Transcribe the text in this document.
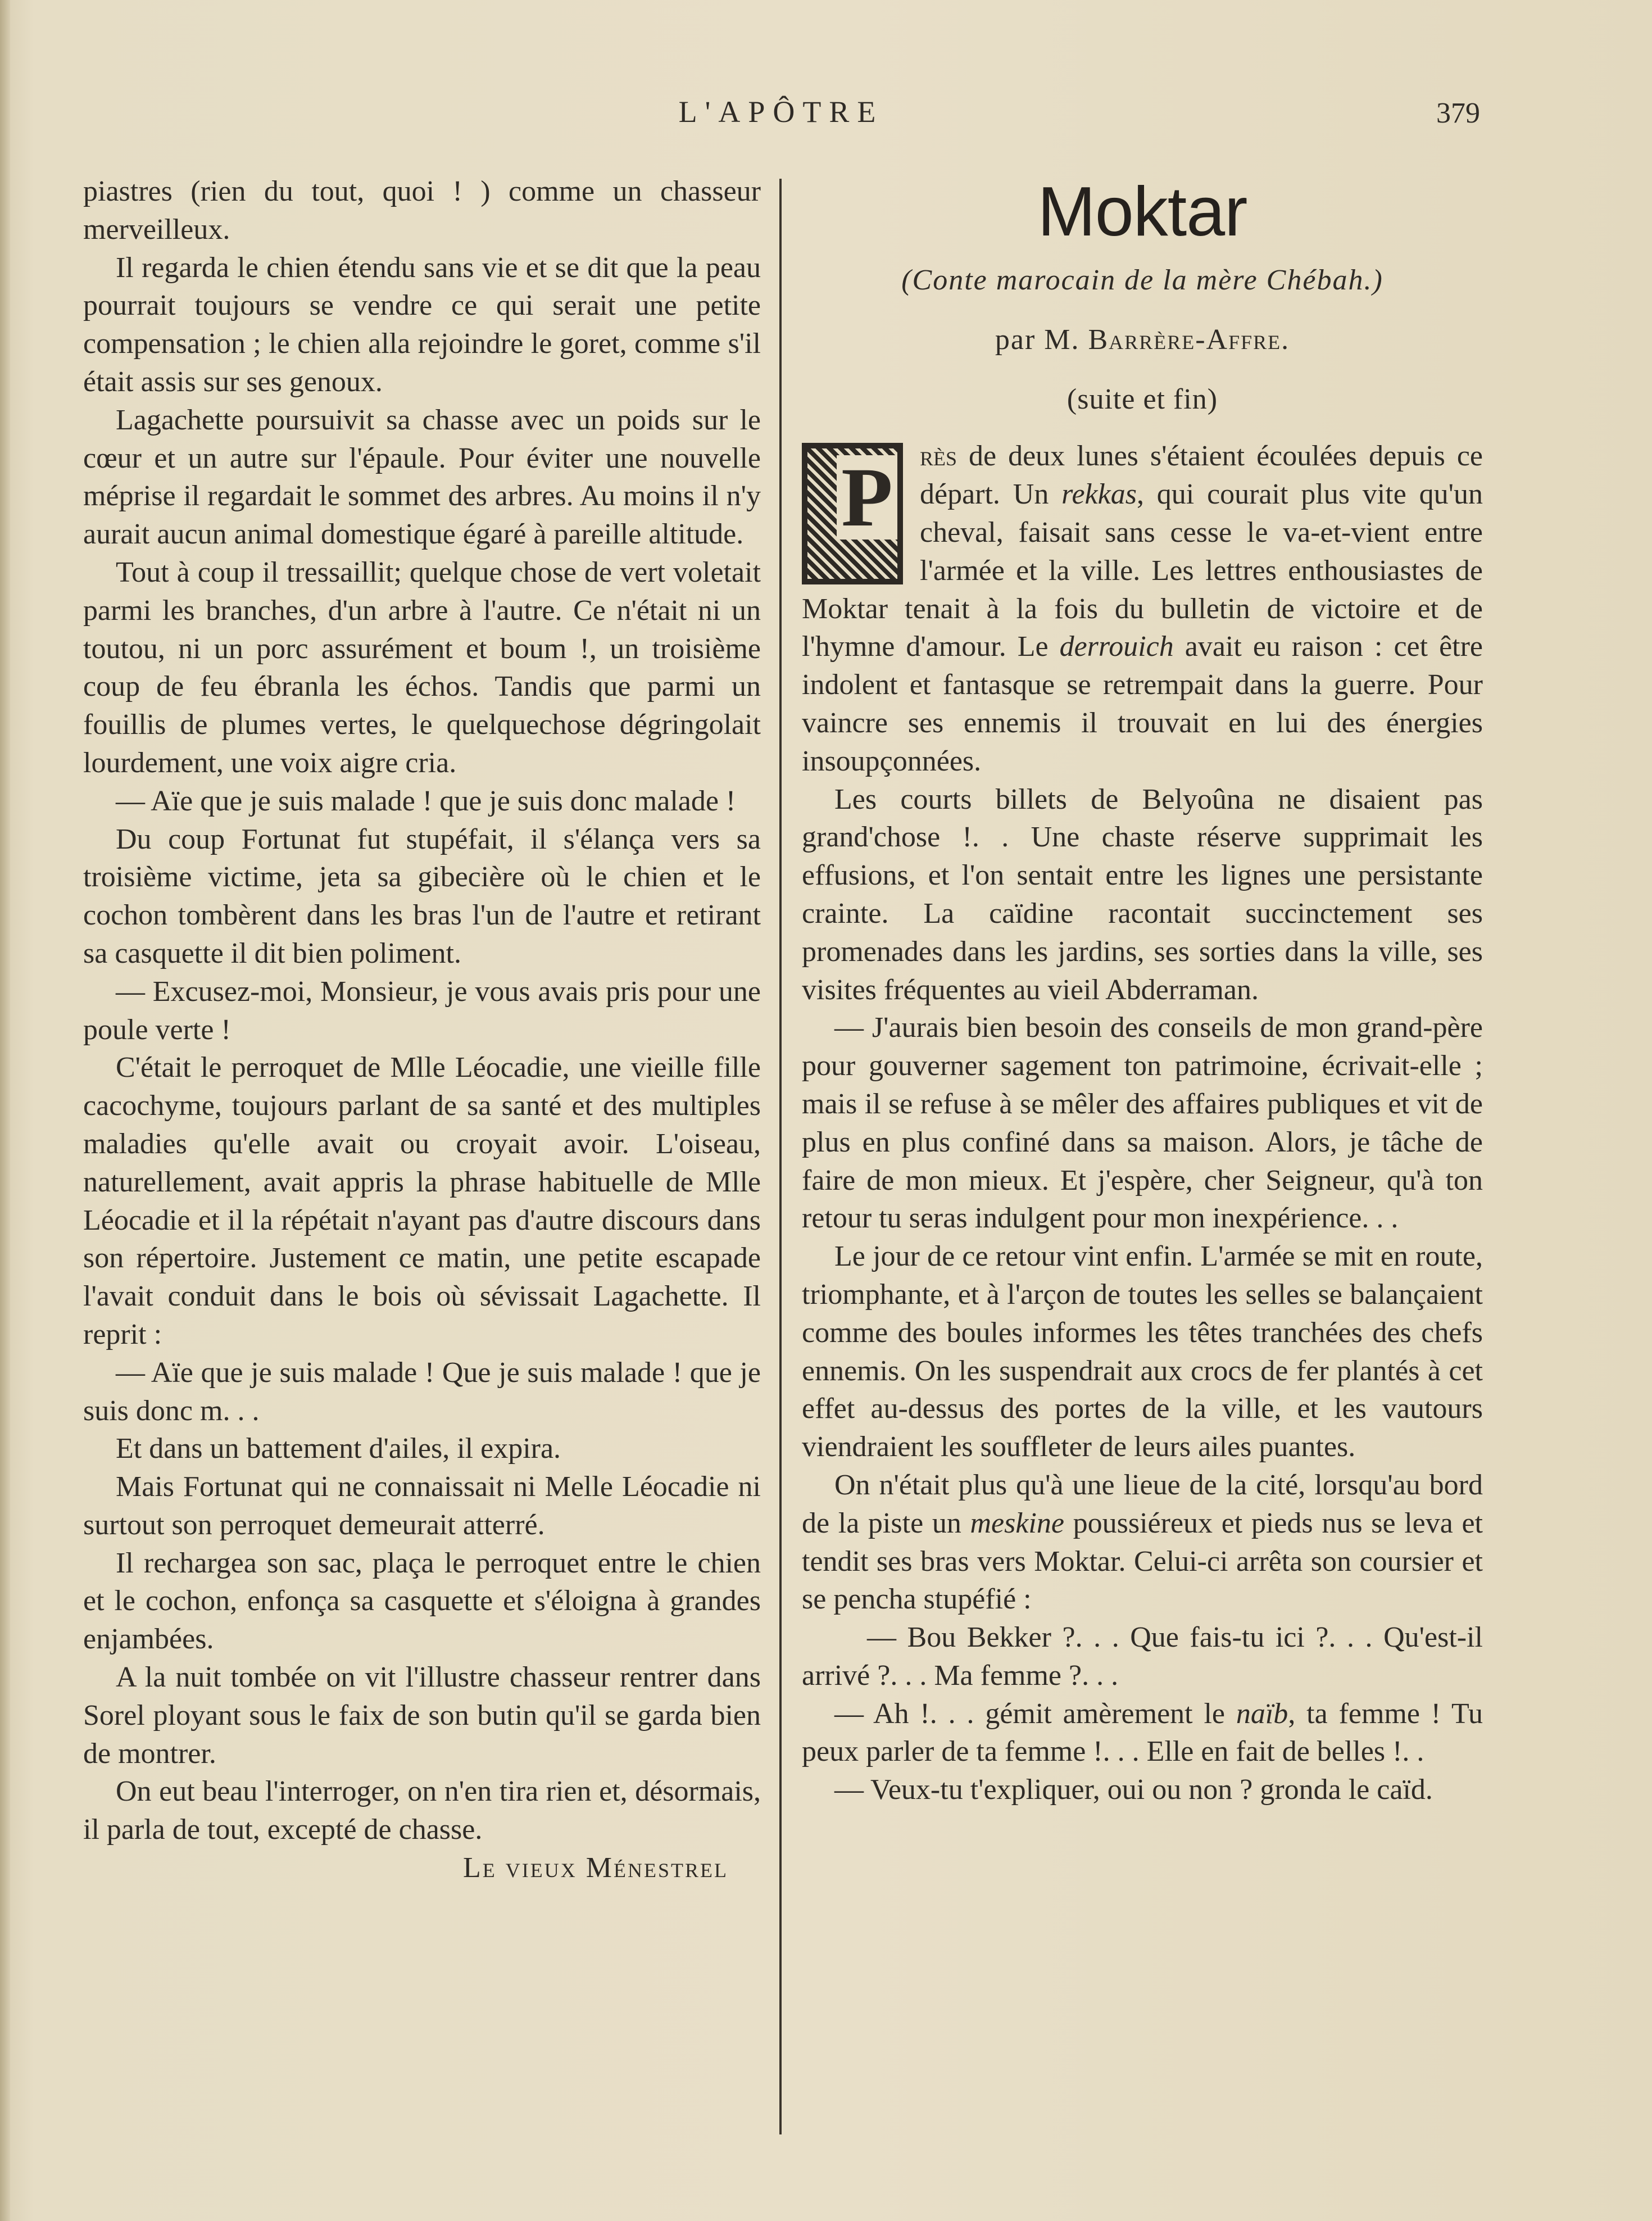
L'APÔTRE	379

piastres (rien du tout, quoi ! ) comme un chasseur merveilleux.

Il regarda le chien étendu sans vie et se dit que la peau pourrait toujours se vendre ce qui serait une petite compensation ; le chien alla rejoindre le goret, comme s'il était assis sur ses genoux.

Lagachette poursuivit sa chasse avec un poids sur le cœur et un autre sur l'épaule. Pour éviter une nouvelle méprise il regardait le sommet des arbres. Au moins il n'y aurait aucun animal domestique égaré à pareille altitude.

Tout à coup il tressaillit; quelque chose de vert voletait parmi les branches, d'un arbre à l'autre. Ce n'était ni un toutou, ni un porc assurément et boum !, un troisième coup de feu ébranla les échos. Tandis que parmi un fouillis de plumes vertes, le quelquechose dégringolait lourdement, une voix aigre cria.

— Aïe que je suis malade ! que je suis donc malade !

Du coup Fortunat fut stupéfait, il s'élança vers sa troisième victime, jeta sa gibecière où le chien et le cochon tombèrent dans les bras l'un de l'autre et retirant sa casquette il dit bien poliment.

— Excusez-moi, Monsieur, je vous avais pris pour une poule verte !

C'était le perroquet de Mlle Léocadie, une vieille fille cacochyme, toujours parlant de sa santé et des multiples maladies qu'elle avait ou croyait avoir. L'oiseau, naturellement, avait appris la phrase habituelle de Mlle Léocadie et il la répétait n'ayant pas d'autre discours dans son répertoire. Justement ce matin, une petite escapade l'avait conduit dans le bois où sévissait Lagachette. Il reprit :

— Aïe que je suis malade ! Que je suis malade ! que je suis donc m. . .

Et dans un battement d'ailes, il expira.

Mais Fortunat qui ne connaissait ni Melle Léocadie ni surtout son perroquet demeurait atterré.

Il rechargea son sac, plaça le perroquet entre le chien et le cochon, enfonça sa casquette et s'éloigna à grandes enjambées.

A la nuit tombée on vit l'illustre chasseur rentrer dans Sorel ployant sous le faix de son butin qu'il se garda bien de montrer.

On eut beau l'interroger, on n'en tira rien et, désormais, il parla de tout, excepté de chasse.

Le vieux Ménestrel

Moktar
(Conte marocain de la mère Chébah.)
par M. Barrère-Affre.
(suite et fin)

P rès de deux lunes s'étaient écoulées depuis ce départ. Un rekkas, qui courait plus vite qu'un cheval, faisait sans cesse le va-et-vient entre l'armée et la ville. Les lettres enthousiastes de Moktar tenait à la fois du bulletin de victoire et de l'hymne d'amour. Le derrouich avait eu raison : cet être indolent et fantasque se retrempait dans la guerre. Pour vaincre ses ennemis il trouvait en lui des énergies insoupçonnées.

Les courts billets de Belyoûna ne disaient pas grand'chose !. . Une chaste réserve supprimait les effusions, et l'on sentait entre les lignes une persistante crainte. La caïdine racontait succinctement ses promenades dans les jardins, ses sorties dans la ville, ses visites fréquentes au vieil Abderraman.

— J'aurais bien besoin des conseils de mon grand-père pour gouverner sagement ton patrimoine, écrivait-elle ; mais il se refuse à se mêler des affaires publiques et vit de plus en plus confiné dans sa maison. Alors, je tâche de faire de mon mieux. Et j'espère, cher Seigneur, qu'à ton retour tu seras indulgent pour mon inexpérience. . .

Le jour de ce retour vint enfin. L'armée se mit en route, triomphante, et à l'arçon de toutes les selles se balançaient comme des boules informes les têtes tranchées des chefs ennemis. On les suspendrait aux crocs de fer plantés à cet effet au-dessus des portes de la ville, et les vautours viendraient les souffleter de leurs ailes puantes.

On n'était plus qu'à une lieue de la cité, lorsqu'au bord de la piste un meskine poussiéreux et pieds nus se leva et tendit ses bras vers Moktar. Celui-ci arrêta son coursier et se pencha stupéfié :

— Bou Bekker ?. . . Que fais-tu ici ?. . . Qu'est-il arrivé ?. . . Ma femme ?. . .

— Ah !. . . gémit amèrement le naïb, ta femme ! Tu peux parler de ta femme !. . . Elle en fait de belles !. .

— Veux-tu t'expliquer, oui ou non ? gronda le caïd.
